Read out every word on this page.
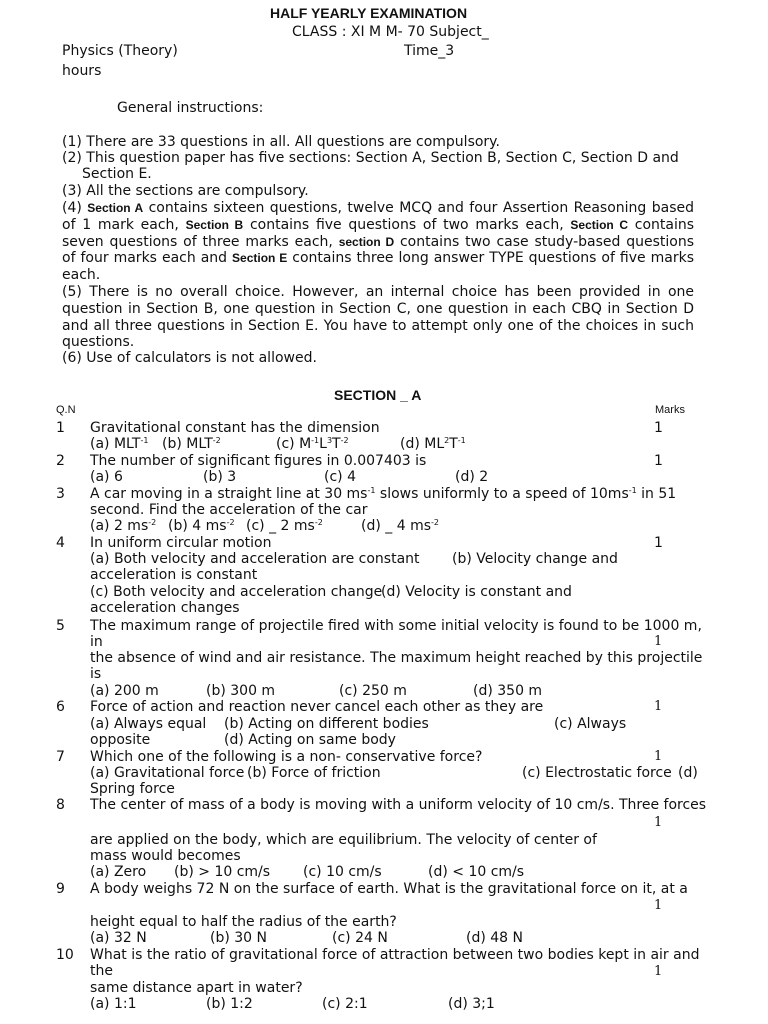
HALF YEARLY EXAMINATION
CLASS : XI M M- 70 Subject_
Physics (Theory)	Time_3
hours
General instructions:
(1) There are 33 questions in all. All questions are compulsory.
(2) This question paper has five sections: Section A, Section B, Section C, Section D and
Section E.
(3) All the sections are compulsory.
(4) Section A contains sixteen questions, twelve MCQ and four Assertion Reasoning based of 1 mark each, Section B contains five questions of two marks each, Section C contains seven questions of three marks each, section D contains two case study-based questions of four marks each and Section E contains three long answer TYPE questions of five marks each.
(5) There is no overall choice. However, an internal choice has been provided in one question in Section B, one question in Section C, one question in each CBQ in Section D and all three questions in Section E. You have to attempt only one of the choices in such questions.
(6) Use of calculators is not allowed.
SECTION _ A
Q.N	Marks
1	Gravitational constant has the dimension	1
(a) $MLT^{-1}$ (b) $MLT^{-2}$	(c) $M^{-1}L^3T^{-2}$	(d) $ML^2T^{-1}$
2	The number of significant figures in 0.007403 is	1
(a) 6	(b) 3	(c) 4	(d) 2
3	A car moving in a straight line at 30 $ms^{-1}$ slows uniformly to a speed of $10ms^{-1}$ in 51
second. Find the acceleration of the car
(a) 2 $ms^{-2}$ (b) 4 $ms^{-2}$ (c) _ 2 $ms^{-2}$	(d) _ 4 $ms^{-2}$
4	In uniform circular motion	1
(a) Both velocity and acceleration are constant (b) Velocity change and
acceleration is constant
(c) Both velocity and acceleration change
(d) Velocity is constant and
acceleration changes
5	The maximum range of projectile fired with some initial velocity is found to be 1000 m,
in	1
the absence of wind and air resistance. The maximum height reached by this projectile
is
(a) 200 m	(b) 300 m	(c) 250 m	(d) 350 m
6	Force of action and reaction never cancel each other as they are	1
(a) Always equal (b) Acting on different bodies	(c) Always
opposite	(d) Acting on same body
7	Which one of the following is a non- conservative force?	1
(a) Gravitational force (b) Force of friction	(c) Electrostatic force (d)
Spring force
8	The center of mass of a body is moving with a uniform velocity of 10 cm/s. Three forces
1
are applied on the body, which are equilibrium. The velocity of center of
mass would becomes
(a) Zero (b) > 10 cm/s (c) 10 cm/s	(d) < 10 cm/s
9	A body weighs 72 N on the surface of earth. What is the gravitational force on it, at a
1
height equal to half the radius of the earth?
(a) 32 N	(b) 30 N	(c) 24 N	(d) 48 N
10 What is the ratio of gravitational force of attraction between two bodies kept in air and
the	1
same distance apart in water?
(a) 1:1	(b) 1:2	(c) 2:1	(d) 3;1
